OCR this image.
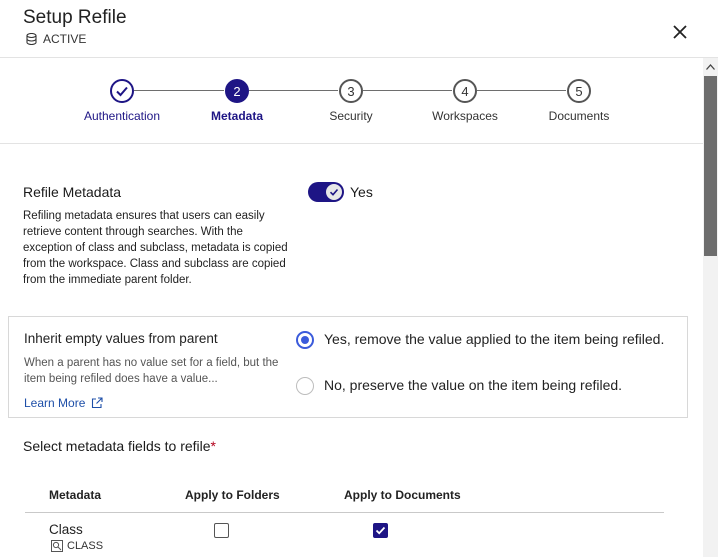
Setup Refile
ACTIVE
Authentication
2
Metadata
3
Security
4
Workspaces
5
Documents
Refile Metadata
Refiling metadata ensures that users can easily retrieve content through searches. With the exception of class and subclass, metadata is copied from the workspace. Class and subclass are copied from the immediate parent folder.
Yes
Inherit empty values from parent
When a parent has no value set for a field, but the item being refiled does have a value...
Learn More
Yes, remove the value applied to the item being refiled.
No, preserve the value on the item being refiled.
Select metadata fields to refile*
Metadata	Apply to Folders	Apply to Documents
Class
CLASS
